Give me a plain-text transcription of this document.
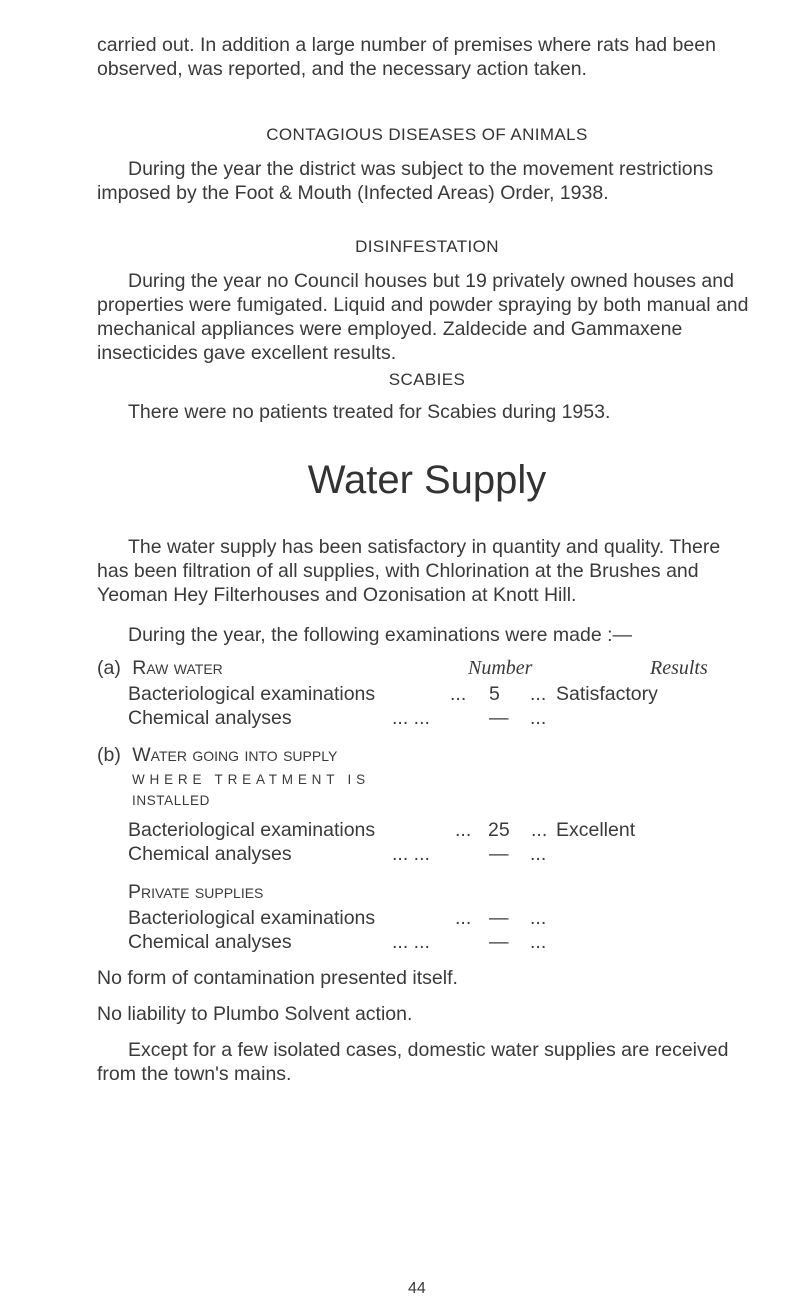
carried out. In addition a large number of premises where rats had been observed, was reported, and the necessary action taken.

CONTAGIOUS DISEASES OF ANIMALS

During the year the district was subject to the movement restrictions imposed by the Foot & Mouth (Infected Areas) Order, 1938.

DISINFESTATION

During the year no Council houses but 19 privately owned houses and properties were fumigated. Liquid and powder spraying by both manual and mechanical appliances were employed. Zaldecide and Gammaxene insecticides gave excellent results.

SCABIES

There were no patients treated for Scabies during 1953.

Water Supply

The water supply has been satisfactory in quantity and quality. There has been filtration of all supplies, with Chlorination at the Brushes and Yeoman Hey Filterhouses and Ozonisation at Knott Hill.

During the year, the following examinations were made :—

(a) Raw water	Number	Results
Bacteriological examinations	... 5 ... Satisfactory
Chemical analyses	... ...	— ...
(b) Water going into supply
WHERE TREATMENT IS
INSTALLED
Bacteriological examinations	... 25 ... Excellent
Chemical analyses	... ...	— ...
Private supplies
Bacteriological examinations	... — ...
Chemical analyses	... ...	— ...
No form of contamination presented itself.
No liability to Plumbo Solvent action.

Except for a few isolated cases, domestic water supplies are received from the town's mains.

44
